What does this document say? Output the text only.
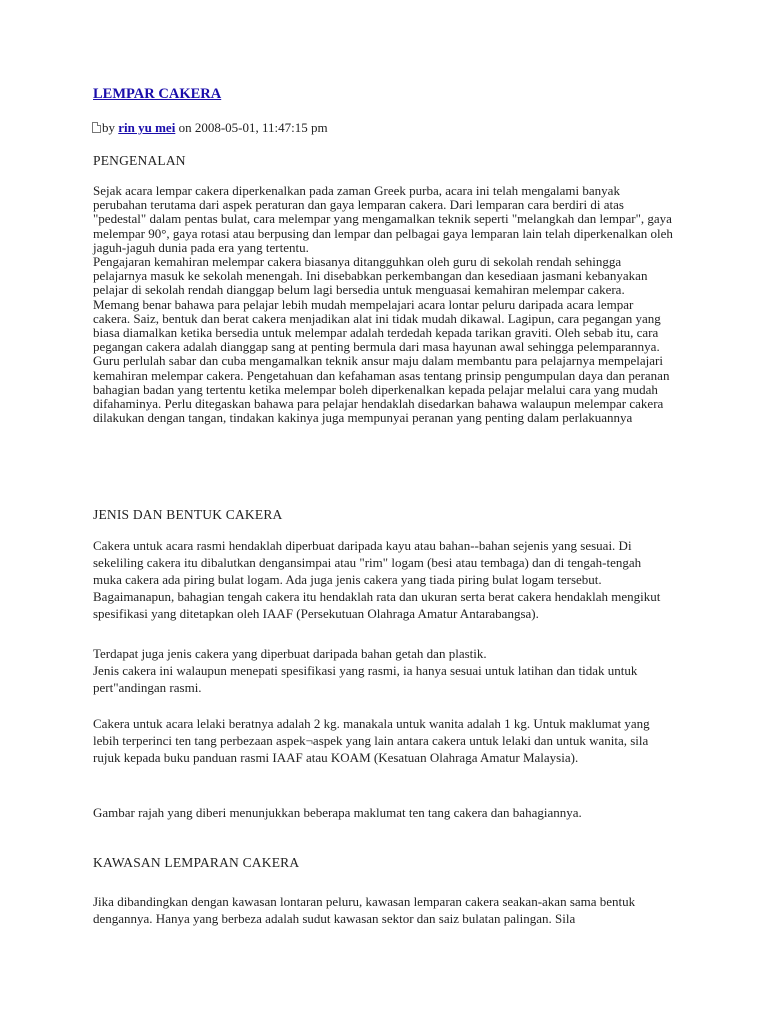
LEMPAR CAKERA
by rin yu mei on 2008-05-01, 11:47:15 pm
PENGENALAN

Sejak acara lempar cakera diperkenalkan pada zaman Greek purba, acara ini telah mengalami banyak perubahan terutama dari aspek peraturan dan gaya lemparan cakera. Dari lemparan cara berdiri di atas "pedestal" dalam pentas bulat, cara melempar yang mengamalkan teknik seperti "melangkah dan lempar", gaya melempar 90°, gaya rotasi atau berpusing dan lempar dan pelbagai gaya lemparan lain telah diperkenalkan oleh jaguh-jaguh dunia pada era yang tertentu.

Pengajaran kemahiran melempar cakera biasanya ditangguhkan oleh guru di sekolah rendah sehingga pelajarnya masuk ke sekolah menengah. Ini disebabkan perkembangan dan kesediaan jasmani kebanyakan pelajar di sekolah rendah dianggap belum lagi bersedia untuk menguasai kemahiran melempar cakera. Memang benar bahawa para pelajar lebih mudah mempelajari acara lontar peluru daripada acara lempar cakera. Saiz, bentuk dan berat cakera menjadikan alat ini tidak mudah dikawal. Lagipun, cara pegangan yang biasa diamalkan ketika bersedia untuk melempar adalah terdedah kepada tarikan graviti. Oleh sebab itu, cara pegangan cakera adalah dianggap sang at penting bermula dari masa hayunan awal sehingga pelemparannya.

Guru perlulah sabar dan cuba mengamalkan teknik ansur maju dalam membantu para pelajarnya mempelajari kemahiran melempar cakera. Pengetahuan dan kefahaman asas tentang prinsip pengumpulan daya dan peranan bahagian badan yang tertentu ketika melempar boleh diperkenalkan kepada pelajar melalui cara yang mudah difahaminya. Perlu ditegaskan bahawa para pelajar hendaklah disedarkan bahawa walaupun melempar cakera dilakukan dengan tangan, tindakan kakinya juga mempunyai peranan yang penting dalam perlakuannya

JENIS DAN BENTUK CAKERA
Cakera untuk acara rasmi hendaklah diperbuat daripada kayu atau bahan--bahan sejenis yang sesuai. Di sekeliling cakera itu dibalutkan dengansimpai atau "rim" logam (besi atau tembaga) dan di tengah-tengah muka cakera ada piring bulat logam. Ada juga jenis cakera yang tiada piring bulat logam tersebut. Bagaimanapun, bahagian tengah cakera itu hendaklah rata dan ukuran serta berat cakera hendaklah mengikut spesifikasi yang ditetapkan oleh IAAF (Persekutuan Olahraga Amatur Antarabangsa).

Terdapat juga jenis cakera yang diperbuat daripada bahan getah dan plastik.

Jenis cakera ini walaupun menepati spesifikasi yang rasmi, ia hanya sesuai untuk latihan dan tidak untuk pert"andingan rasmi.

Cakera untuk acara lelaki beratnya adalah 2 kg. manakala untuk wanita adalah 1 kg. Untuk maklumat yang lebih terperinci ten tang perbezaan aspek¬aspek yang lain antara cakera untuk lelaki dan untuk wanita, sila rujuk kepada buku panduan rasmi IAAF atau KOAM (Kesatuan Olahraga Amatur Malaysia).
Gambar rajah yang diberi menunjukkan beberapa maklumat ten tang cakera dan bahagiannya.
KAWASAN LEMPARAN CAKERA
Jika dibandingkan dengan kawasan lontaran peluru, kawasan lemparan cakera seakan-akan sama bentuk dengannya. Hanya yang berbeza adalah sudut kawasan sektor dan saiz bulatan palingan. Sila
